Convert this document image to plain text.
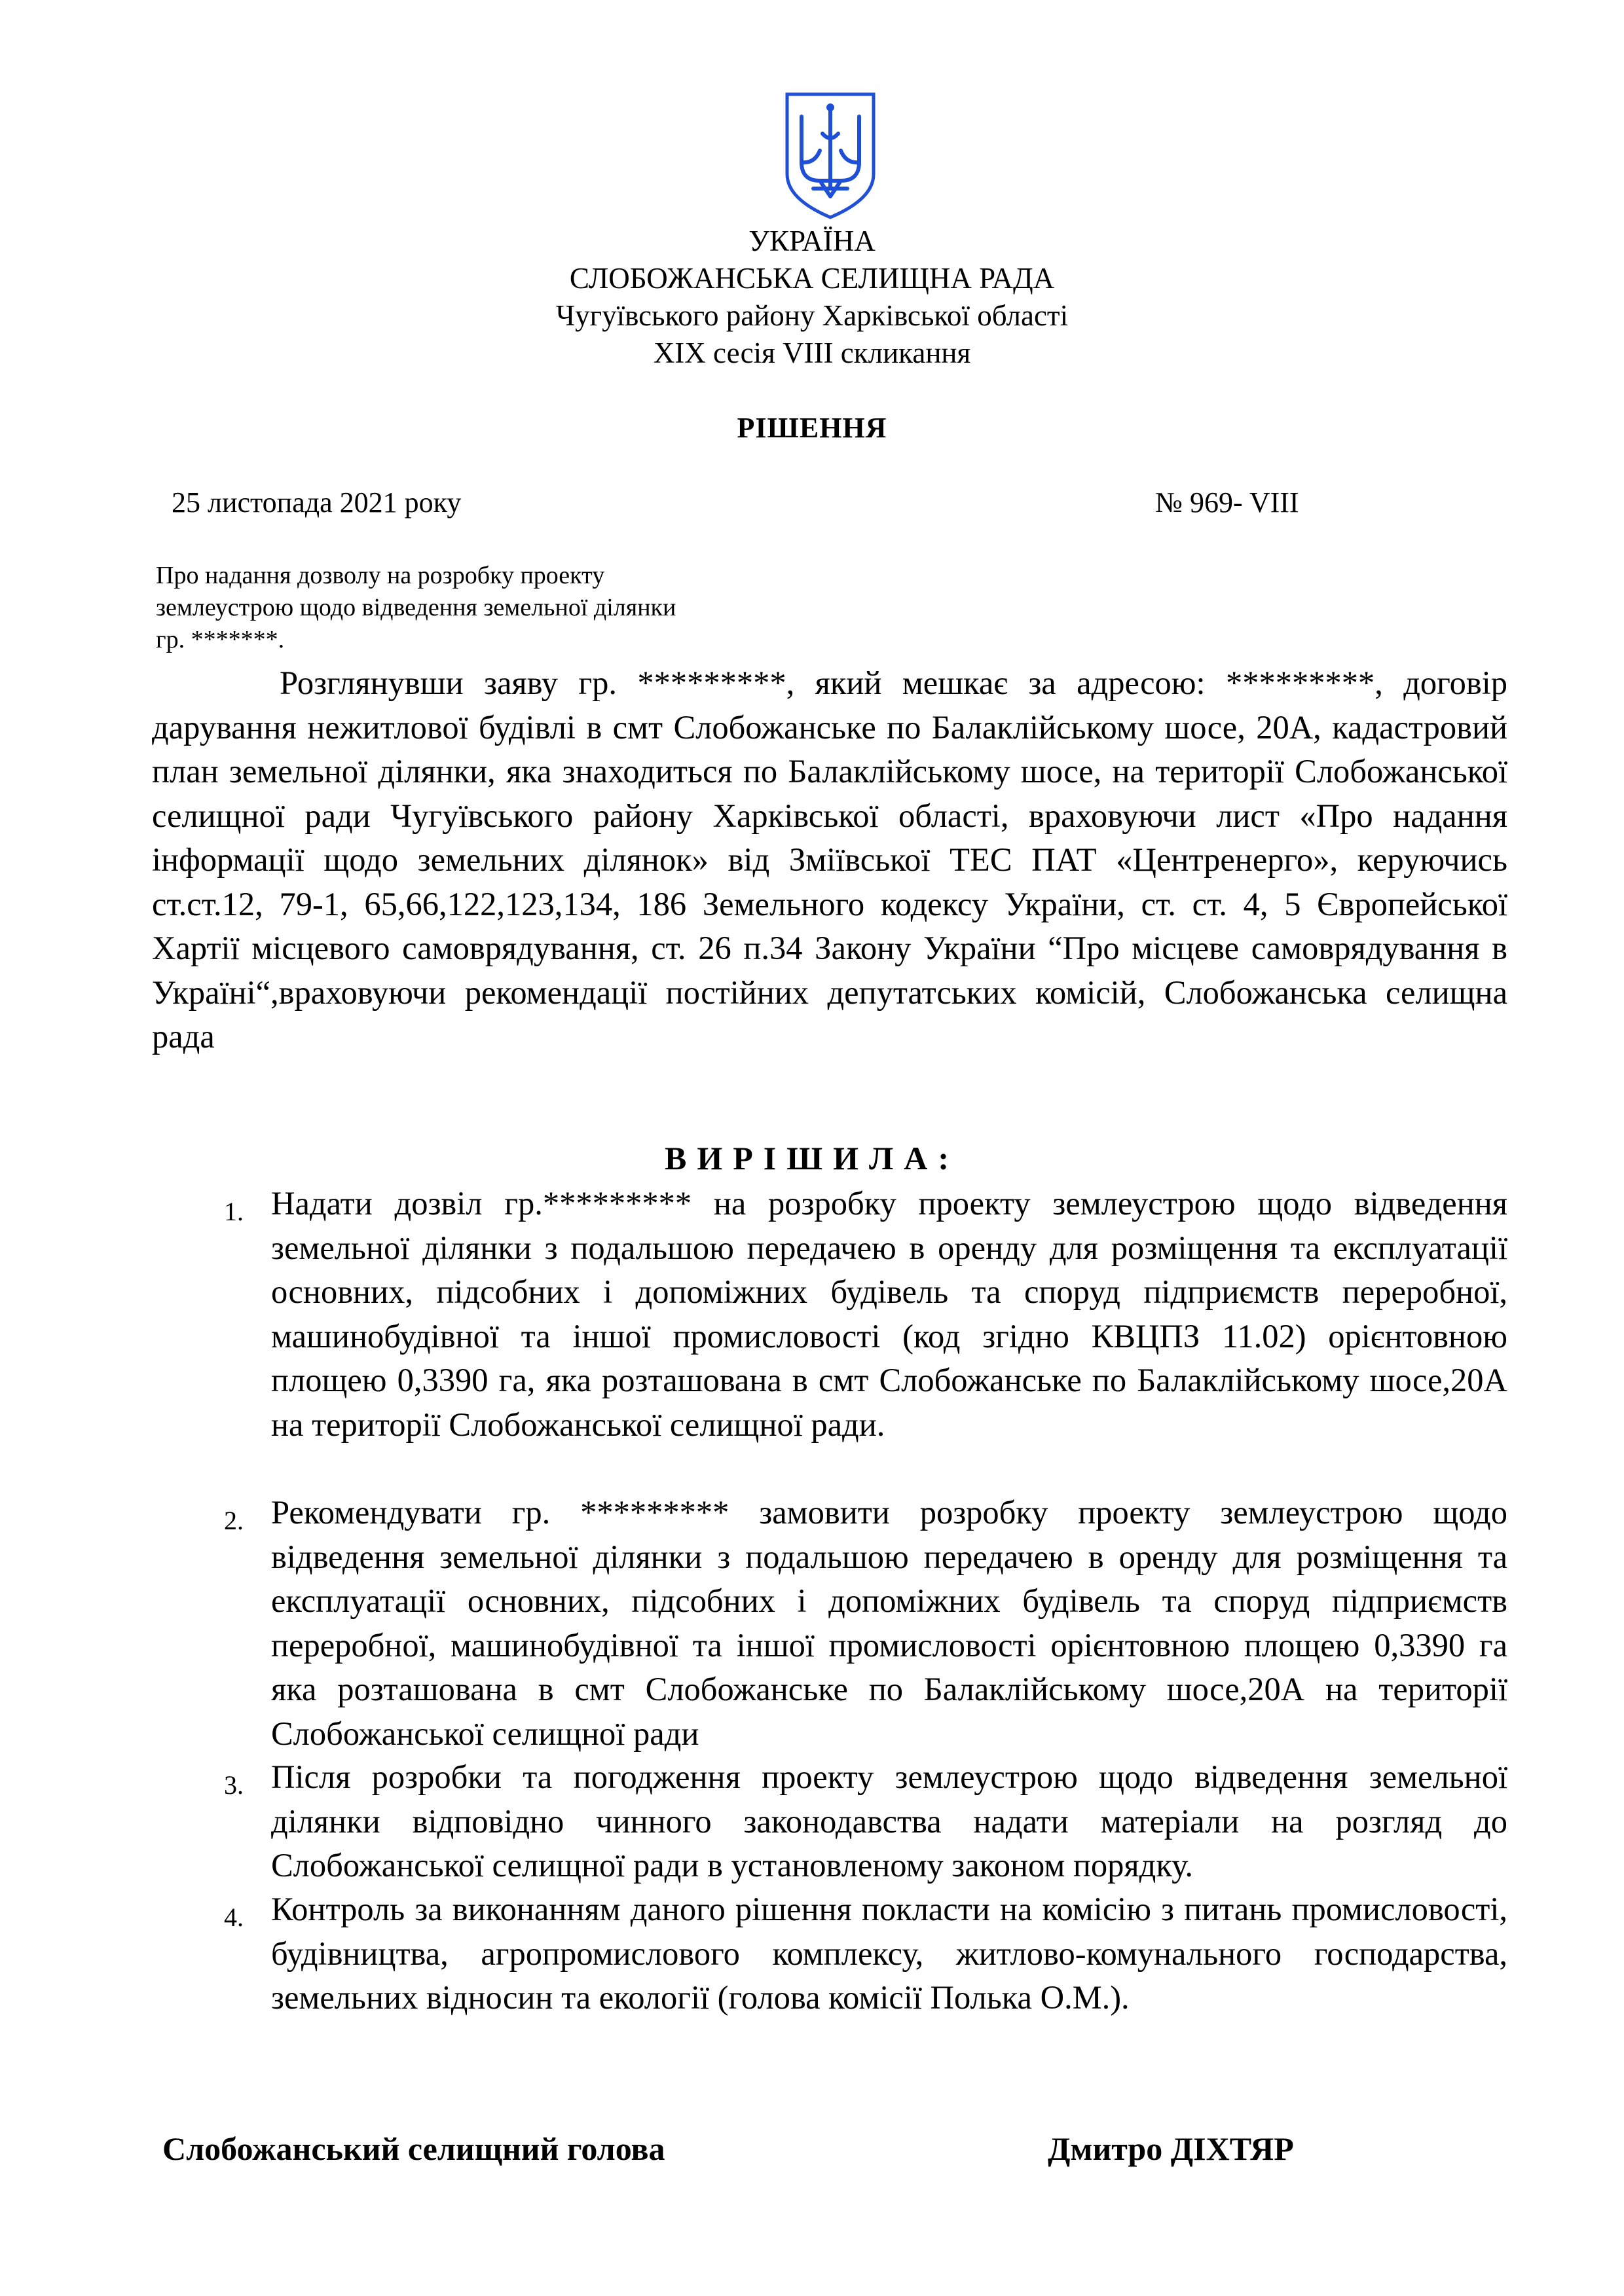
УКРАЇНА
СЛОБОЖАНСЬКА СЕЛИЩНА РАДА
Чугуївського району Харківської області
XIX сесія VIII скликання
РІШЕННЯ
25 листопада 2021 року	№ 969- VIII
Про надання дозволу на розробку проекту
землеустрою щодо відведення земельної ділянки
гр. *******.
Розглянувши заяву гр. *********, який мешкає за адресою: *********, договір дарування нежитлової будівлі в смт Слобожанське по Балаклійському шосе, 20А, кадастровий план земельної ділянки, яка знаходиться по Балаклійському шосе, на території Слобожанської селищної ради Чугуївського району Харківської області, враховуючи лист «Про надання інформації щодо земельних ділянок» від Зміївської ТЕС ПАТ «Центренерго», керуючись ст.ст.12, 79-1, 65,66,122,123,134, 186 Земельного кодексу України, ст. ст. 4, 5 Європейської Хартії місцевого самоврядування, ст. 26 п.34 Закону України “Про місцеве самоврядування в Україні“,враховуючи рекомендації постійних депутатських комісій, Слобожанська селищна рада
ВИРІШИЛА:
1. Надати дозвіл гр.********* на розробку проекту землеустрою щодо відведення земельної ділянки з подальшою передачею в оренду для розміщення та експлуатації основних, підсобних і допоміжних будівель та споруд підприємств переробної, машинобудівної та іншої промисловості (код згідно КВЦПЗ 11.02) орієнтовною площею 0,3390 га, яка розташована в смт Слобожанське по Балаклійському шосе,20А на території Слобожанської селищної ради.
2. Рекомендувати гр. ********* замовити розробку проекту землеустрою щодо відведення земельної ділянки з подальшою передачею в оренду для розміщення та експлуатації основних, підсобних і допоміжних будівель та споруд підприємств переробної, машинобудівної та іншої промисловості орієнтовною площею 0,3390 га яка розташована в смт Слобожанське по Балаклійському шосе,20А на території Слобожанської селищної ради
3. Після розробки та погодження проекту землеустрою щодо відведення земельної ділянки відповідно чинного законодавства надати матеріали на розгляд до Слобожанської селищної ради в установленому законом порядку.
4. Контроль за виконанням даного рішення покласти на комісію з питань промисловості, будівництва, агропромислового комплексу, житлово-комунального господарства, земельних відносин та екології (голова комісії Полька О.М.).
Слобожанський селищний голова	Дмитро ДІХТЯР
